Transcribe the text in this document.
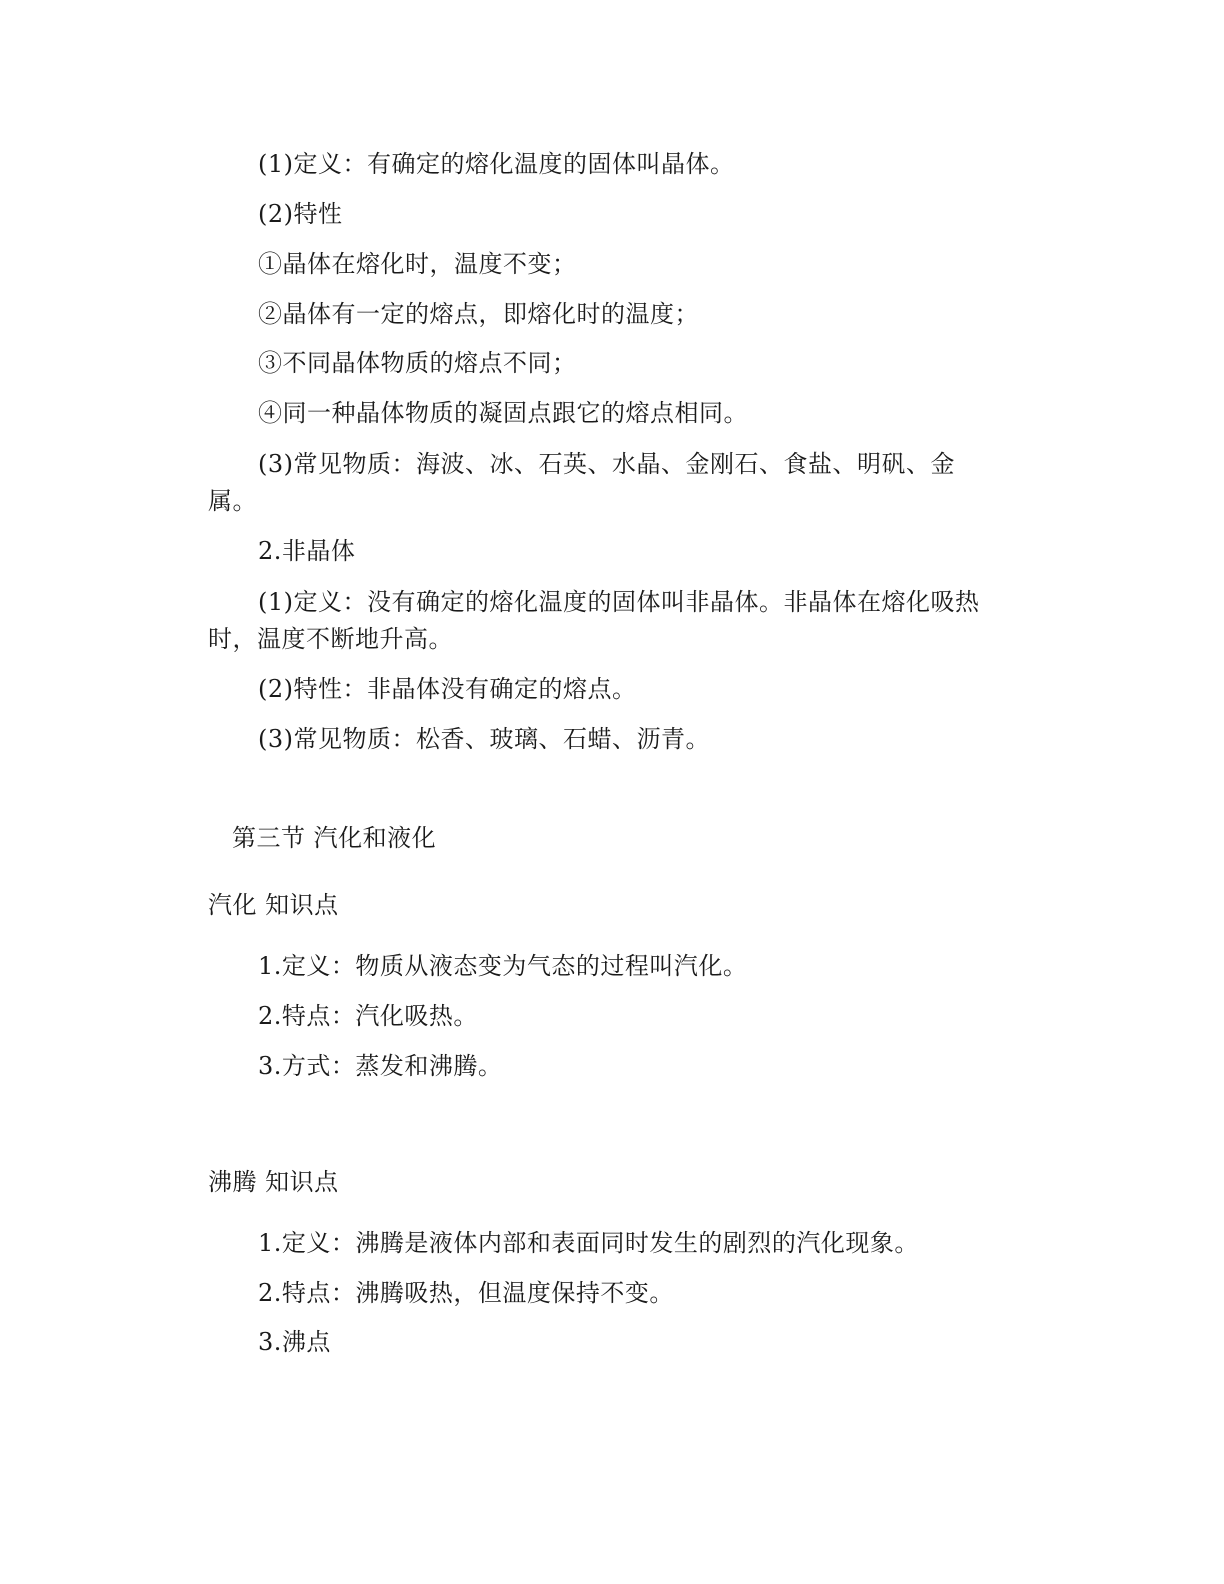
(1)定义：有确定的熔化温度的固体叫晶体。
(2)特性
①晶体在熔化时，温度不变；
②晶体有一定的熔点，即熔化时的温度；
③不同晶体物质的熔点不同；
④同一种晶体物质的凝固点跟它的熔点相同。
(3)常见物质：海波、冰、石英、水晶、金刚石、食盐、明矾、金
属。
2.非晶体
(1)定义：没有确定的熔化温度的固体叫非晶体。非晶体在熔化吸热
时，温度不断地升高。
(2)特性：非晶体没有确定的熔点。
(3)常见物质：松香、玻璃、石蜡、沥青。
第三节 汽化和液化
汽化 知识点
1.定义：物质从液态变为气态的过程叫汽化。
2.特点：汽化吸热。
3.方式：蒸发和沸腾。
沸腾 知识点
1.定义：沸腾是液体内部和表面同时发生的剧烈的汽化现象。
2.特点：沸腾吸热，但温度保持不变。
3.沸点
